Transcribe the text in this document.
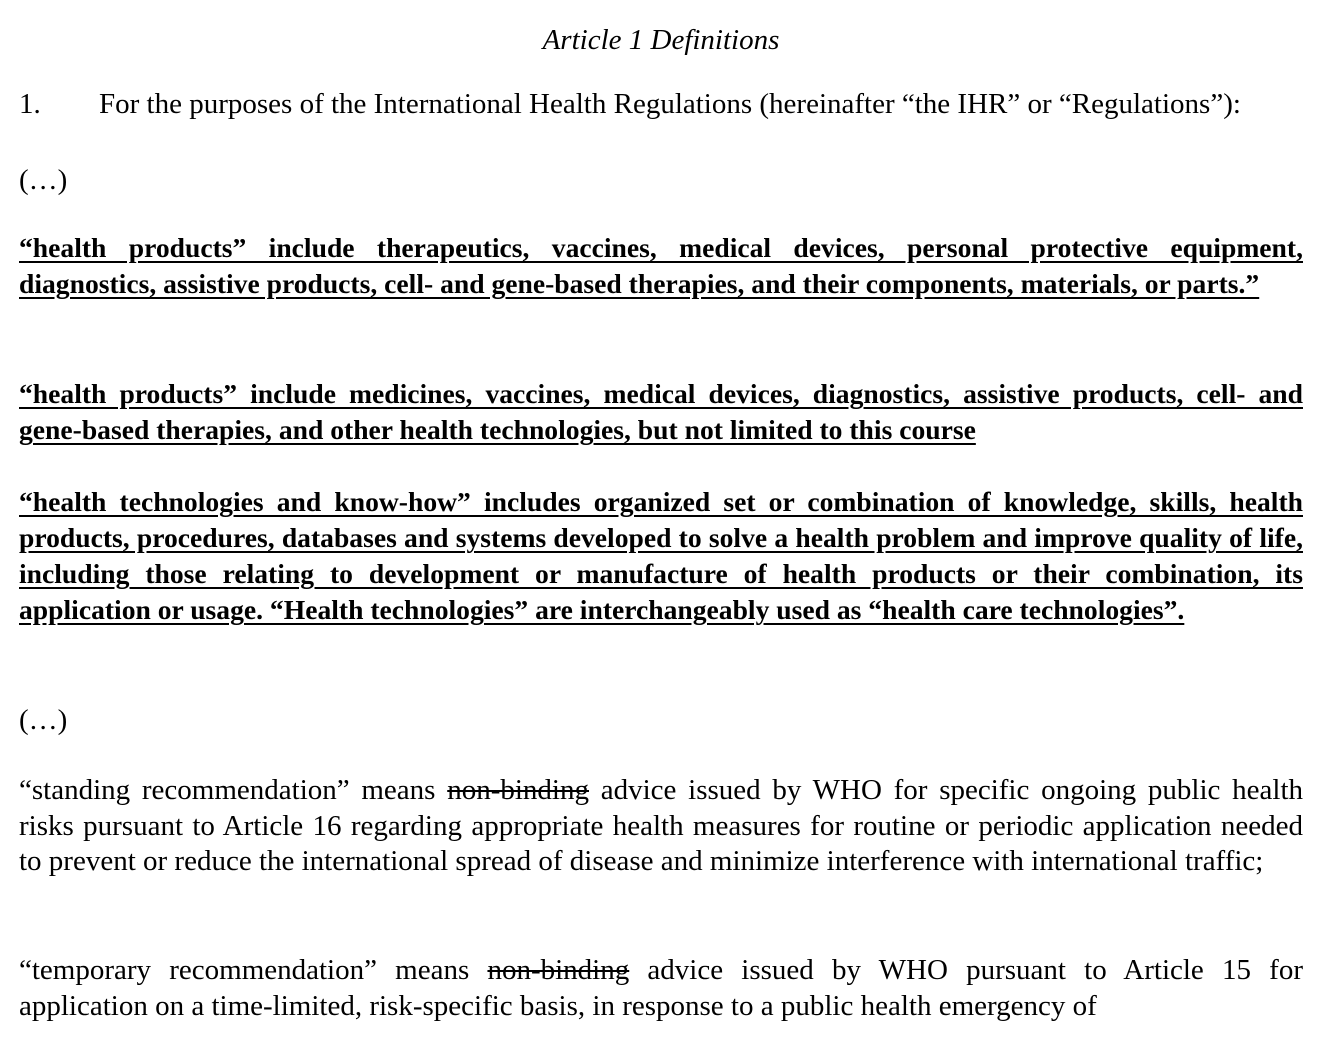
Article 1 Definitions
1. For the purposes of the International Health Regulations (hereinafter “the IHR” or “Regulations”):
(…)
“health products” include therapeutics, vaccines, medical devices, personal protective equipment, diagnostics, assistive products, cell- and gene-based therapies, and their components, materials, or parts.”
“health products” include medicines, vaccines, medical devices, diagnostics, assistive products, cell- and gene-based therapies, and other health technologies, but not limited to this course
“health technologies and know-how” includes organized set or combination of knowledge, skills, health products, procedures, databases and systems developed to solve a health problem and improve quality of life, including those relating to development or manufacture of health products or their combination, its application or usage. “Health technologies” are interchangeably used as “health care technologies”.
(…)
“standing recommendation” means non-binding advice issued by WHO for specific ongoing public health risks pursuant to Article 16 regarding appropriate health measures for routine or periodic application needed to prevent or reduce the international spread of disease and minimize interference with international traffic;
“temporary recommendation” means non-binding advice issued by WHO pursuant to Article 15 for application on a time-limited, risk-specific basis, in response to a public health emergency of
